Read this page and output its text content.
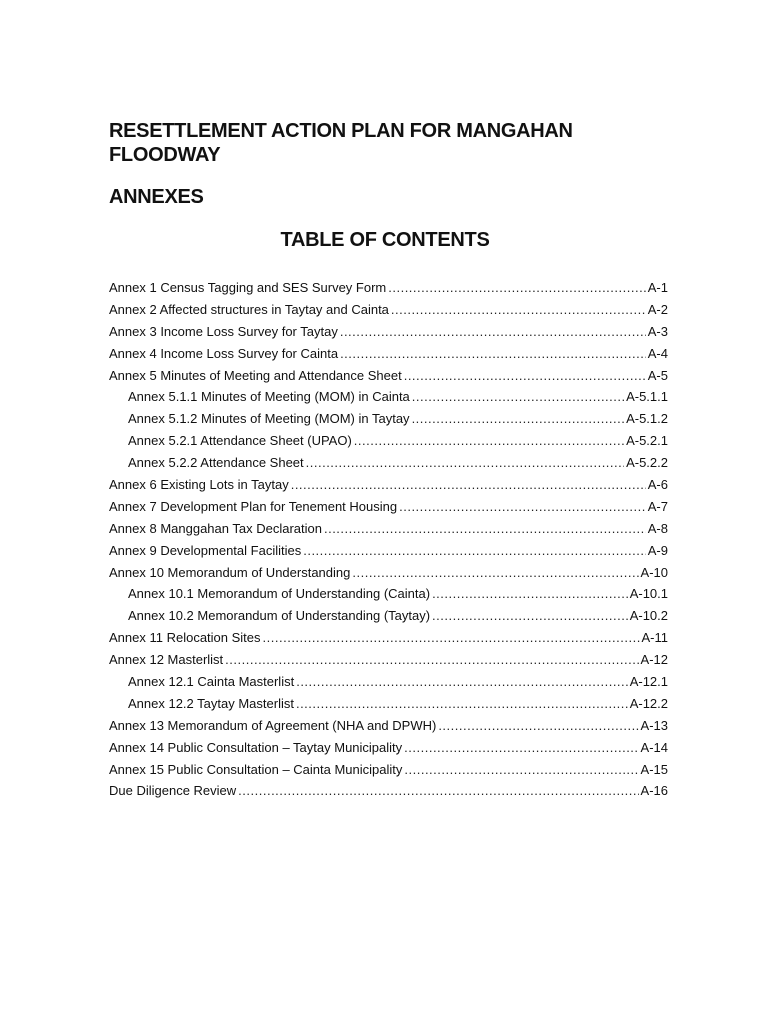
RESETTLEMENT ACTION PLAN FOR MANGAHAN FLOODWAY
ANNEXES
TABLE OF CONTENTS
Annex 1 Census Tagging and SES Survey Form .....	A-1
Annex 2 Affected structures in Taytay and Cainta .....	A-2
Annex 3 Income Loss Survey for Taytay .....	A-3
Annex 4 Income Loss Survey for Cainta .....	A-4
Annex 5 Minutes of Meeting and Attendance Sheet .....	A-5
Annex 5.1.1 Minutes of Meeting (MOM) in Cainta .....	A-5.1.1
Annex 5.1.2 Minutes of Meeting (MOM) in Taytay .....	A-5.1.2
Annex 5.2.1 Attendance Sheet (UPAO) .....	A-5.2.1
Annex 5.2.2 Attendance Sheet .....	A-5.2.2
Annex 6 Existing Lots in Taytay .....	A-6
Annex 7 Development Plan for Tenement Housing .....	A-7
Annex 8 Manggahan Tax Declaration .....	A-8
Annex 9 Developmental Facilities .....	A-9
Annex 10 Memorandum of Understanding .....	A-10
Annex 10.1 Memorandum of Understanding (Cainta) .....	A-10.1
Annex 10.2 Memorandum of Understanding (Taytay) .....	A-10.2
Annex 11 Relocation Sites .....	A-11
Annex 12 Masterlist .....	A-12
Annex 12.1 Cainta Masterlist .....	A-12.1
Annex 12.2 Taytay Masterlist .....	A-12.2
Annex 13 Memorandum of Agreement (NHA and DPWH) .....	A-13
Annex 14 Public Consultation – Taytay Municipality .....	A-14
Annex 15 Public Consultation – Cainta Municipality .....	A-15
Due Diligence Review .....	A-16
